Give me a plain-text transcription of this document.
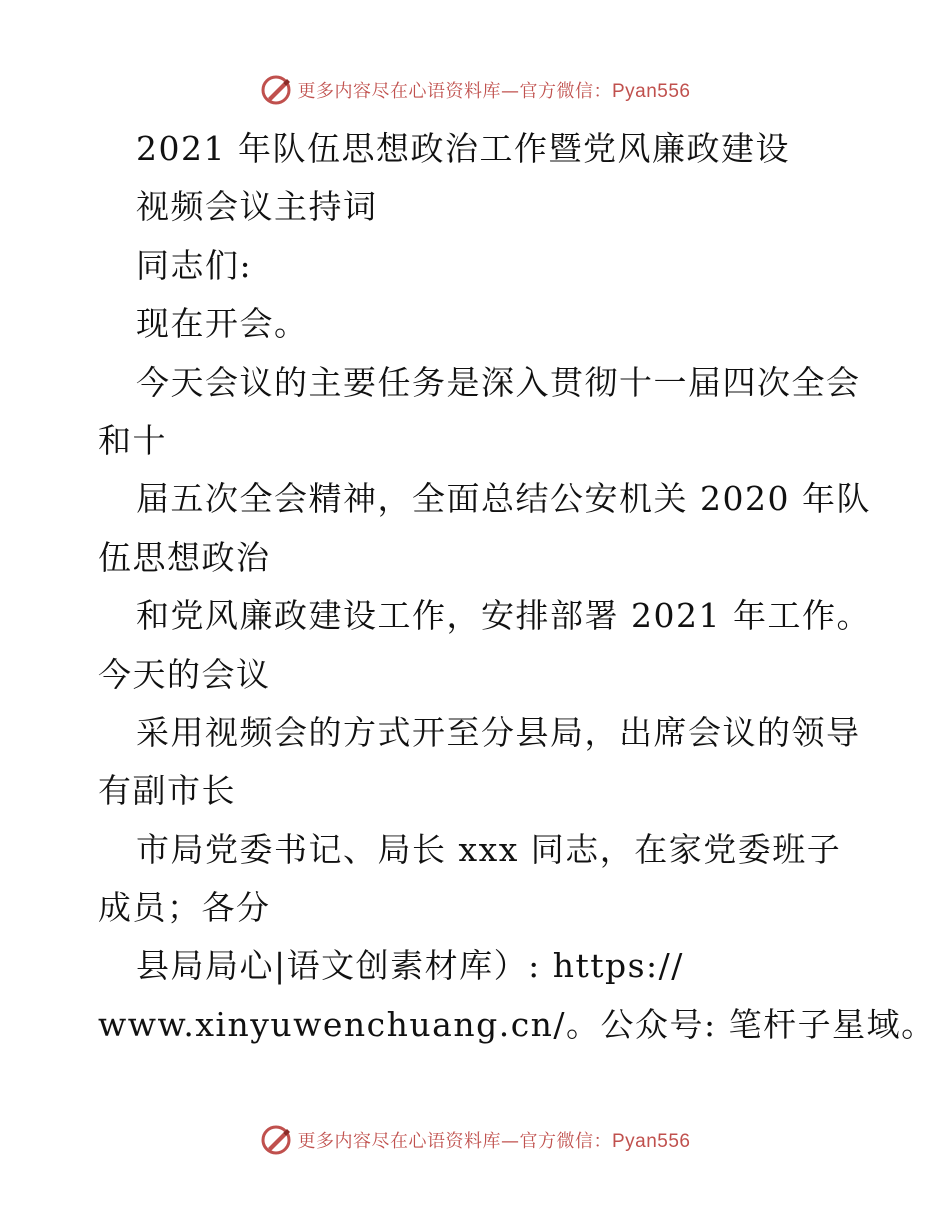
更多内容尽在心语资料库—官方微信：Pyan556
2021 年队伍思想政治工作暨党风廉政建设
视频会议主持词
同志们:
现在开会。
今天会议的主要任务是深入贯彻十一届四次全会
和十
届五次全会精神，全面总结公安机关 2020 年队
伍思想政治
和党风廉政建设工作，安排部署 2021 年工作。
今天的会议
采用视频会的方式开至分县局，出席会议的领导
有副市长
市局党委书记、局长 xxx 同志，在家党委班子
成员；各分
县局局心|语文创素材库）: https://
www.xinyuwenchuang.cn/。公众号: 笔杆子星域。
更多内容尽在心语资料库—官方微信：Pyan556
